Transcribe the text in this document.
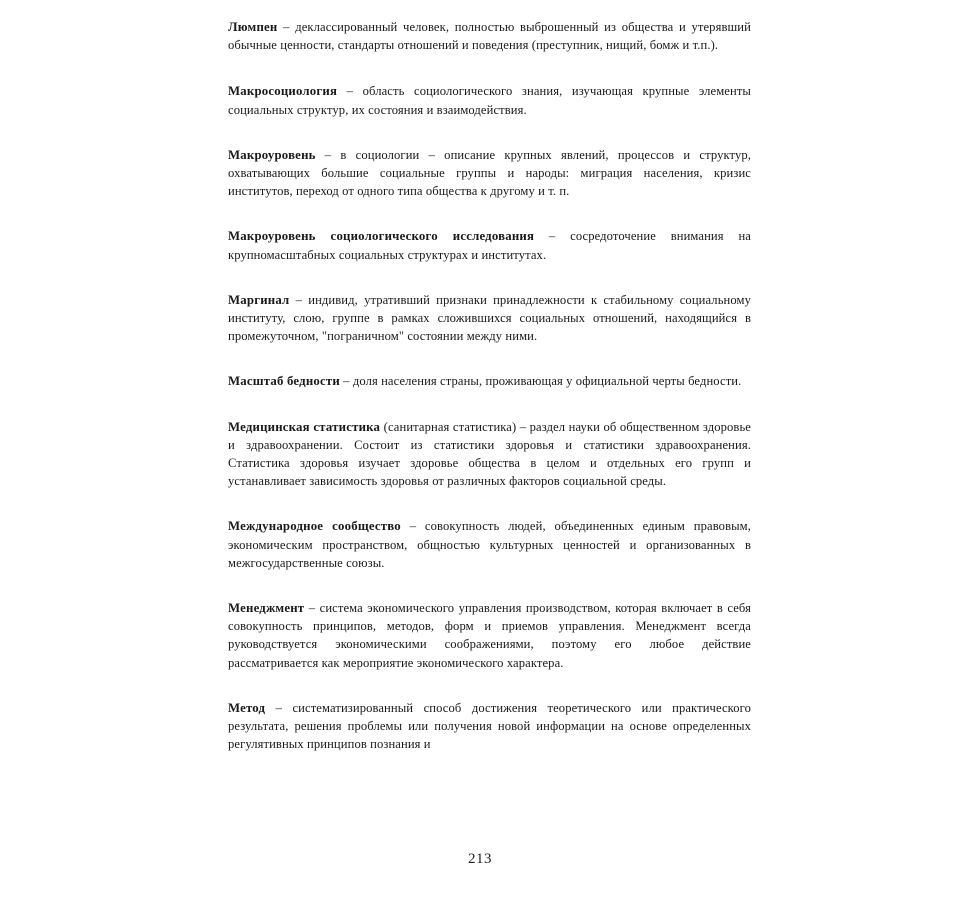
Люмпен – деклассированный человек, полностью выброшенный из общества и утерявший обычные ценности, стандарты отношений и поведения (преступник, нищий, бомж и т.п.).

Макросоциология – область социологического знания, изучающая крупные элементы социальных структур, их состояния и взаимодействия.

Макроуровень – в социологии – описание крупных явлений, процессов и структур, охватывающих большие социальные группы и народы: миграция населения, кризис институтов, переход от одного типа общества к другому и т. п.

Макроуровень социологического исследования – сосредоточение внимания на крупномасштабных социальных структурах и институтах.

Маргинал – индивид, утративший признаки принадлежности к стабильному социальному институту, слою, группе в рамках сложившихся социальных отношений, находящийся в промежуточном, "пограничном" состоянии между ними.

Масштаб бедности – доля населения страны, проживающая у официальной черты бедности.

Медицинская статистика (санитарная статистика) – раздел науки об общественном здоровье и здравоохранении. Состоит из статистики здоровья и статистики здравоохранения. Статистика здоровья изучает здоровье общества в целом и отдельных его групп и устанавливает зависимость здоровья от различных факторов социальной среды.

Международное сообщество – совокупность людей, объединенных единым правовым, экономическим пространством, общностью культурных ценностей и организованных в межгосударственные союзы.

Менеджмент – система экономического управления производством, которая включает в себя совокупность принципов, методов, форм и приемов управления. Менеджмент всегда руководствуется экономическими соображениями, поэтому его любое действие рассматривается как мероприятие экономического характера.

Метод – систематизированный способ достижения теоретического или практического результата, решения проблемы или получения новой информации на основе определенных регулятивных принципов познания и

213
